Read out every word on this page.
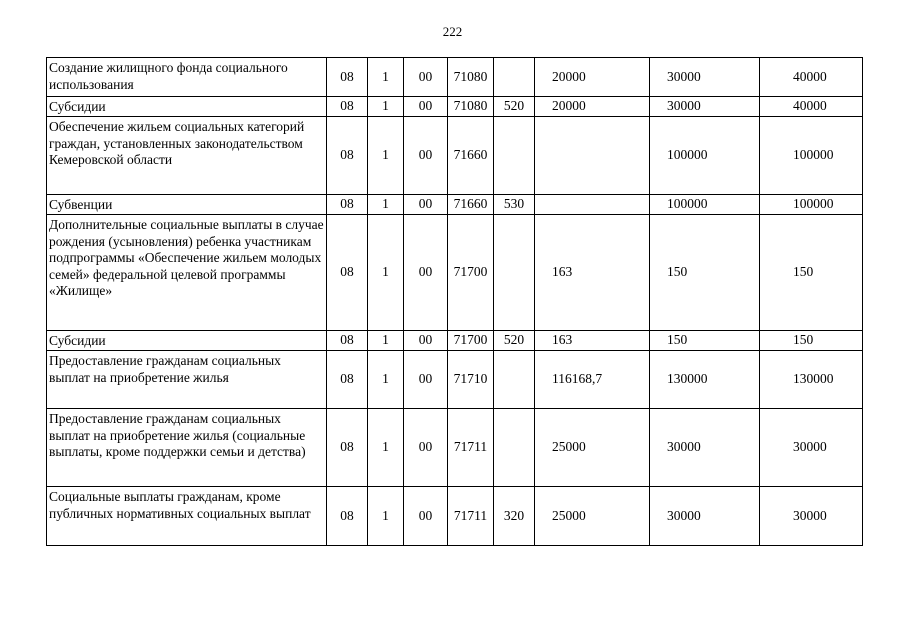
222
Создание жилищного фонда социального использования	08	1	00	71080		20000	30000	40000
Субсидии	08	1	00	71080	520	20000	30000	40000
Обеспечение жильем социальных категорий граждан, установленных законодательством Кемеровской области	08	1	00	71660			100000	100000
Субвенции	08	1	00	71660	530		100000	100000
Дополнительные социальные выплаты в случае рождения (усыновления) ребенка участникам подпрограммы «Обеспечение жильем молодых семей» федеральной целевой программы «Жилище»	08	1	00	71700		163	150	150
Субсидии	08	1	00	71700	520	163	150	150
Предоставление гражданам социальных выплат на приобретение жилья	08	1	00	71710		116168,7	130000	130000
Предоставление гражданам социальных выплат на приобретение жилья (социальные выплаты, кроме поддержки семьи и детства)	08	1	00	71711		25000	30000	30000
Социальные выплаты гражданам, кроме публичных нормативных социальных выплат	08	1	00	71711	320	25000	30000	30000
